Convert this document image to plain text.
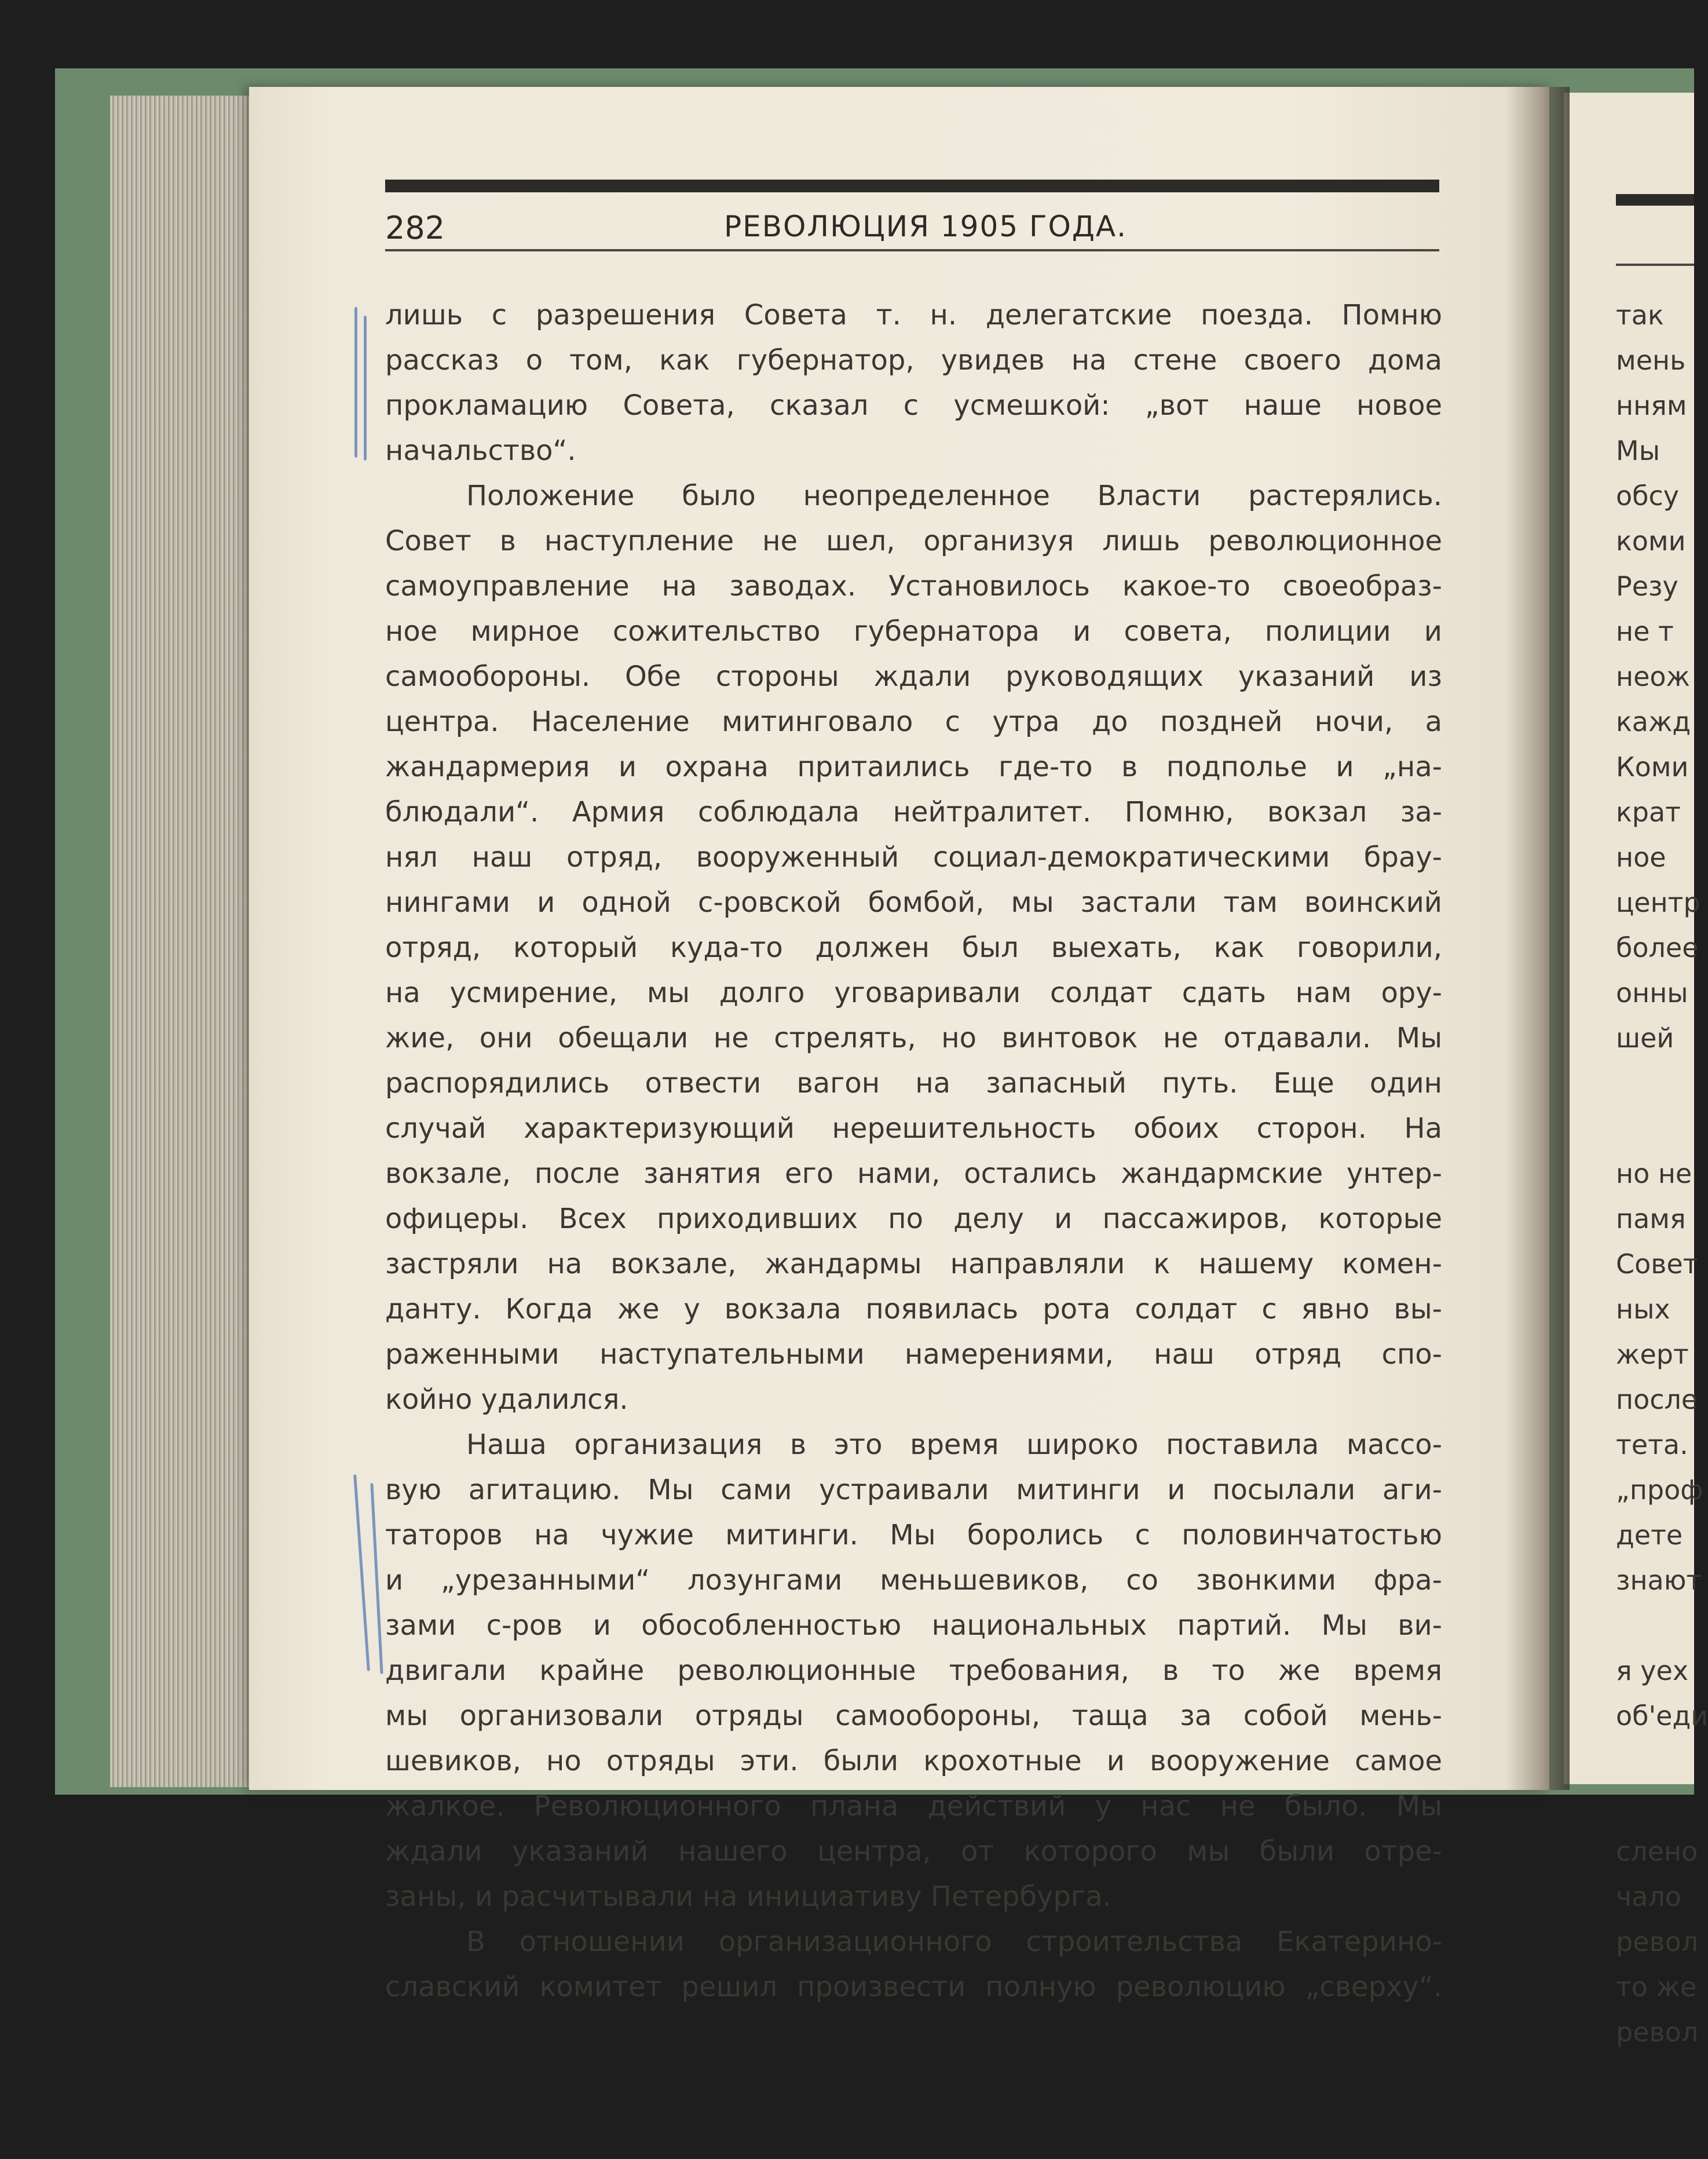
282	РЕВОЛЮЦИЯ 1905 ГОДА.
лишь с разрешения Совета т. н. делегатские поезда. Помню
рассказ о том, как губернатор, увидев на стене своего дома
прокламацию Совета, сказал с усмешкой: „вот наше новое
начальство“.
Положение было неопределенное Власти растерялись.
Совет в наступление не шел, организуя лишь революционное
самоуправление на заводах. Установилось какое-то своеобраз-
ное мирное сожительство губернатора и совета, полиции и
самообороны. Обе стороны ждали руководящих указаний из
центра. Население митинговало с утра до поздней ночи, а
жандармерия и охрана притаились где-то в подполье и „на-
блюдали“. Армия соблюдала нейтралитет. Помню, вокзал за-
нял наш отряд, вооруженный социал-демократическими брау-
нингами и одной с-ровской бомбой, мы застали там воинский
отряд, который куда-то должен был выехать, как говорили,
на усмирение, мы долго уговаривали солдат сдать нам ору-
жие, они обещали не стрелять, но винтовок не отдавали. Мы
распорядились отвести вагон на запасный путь. Еще один
случай характеризующий нерешительность обоих сторон. На
вокзале, после занятия его нами, остались жандармские унтер-
офицеры. Всех приходивших по делу и пассажиров, которые
застряли на вокзале, жандармы направляли к нашему комен-
данту. Когда же у вокзала появилась рота солдат с явно вы-
раженными наступательными намерениями, наш отряд спо-
койно удалился.
Наша организация в это время широко поставила массо-
вую агитацию. Мы сами устраивали митинги и посылали аги-
таторов на чужие митинги. Мы боролись с половинчатостью
и „урезанными“ лозунгами меньшевиков, со звонкими фра-
зами с-ров и обособленностью национальных партий. Мы ви-
двигали крайне революционные требования, в то же время
мы организовали отряды самообороны, таща за собой мень-
шевиков, но отряды эти. были крохотные и вооружение самое
жалкое. Революционного плана действий у нас не было. Мы
ждали указаний нашего центра, от которого мы были отре-
заны, и расчитывали на инициативу Петербурга.
В отношении организационного строительства Екатерино-
славский комитет решил произвести полную революцию „сверху“.
так
мень
нням
Мы
обсу
коми
Резу
не т
неож
кажд
Коми
крат
ное
центр
более
онны
шей
но не
памя
Совет
ных
жерт
после
тета.
„проф
дете
знают
я уех
об'еди
слено
чало
револ
то же
револ
